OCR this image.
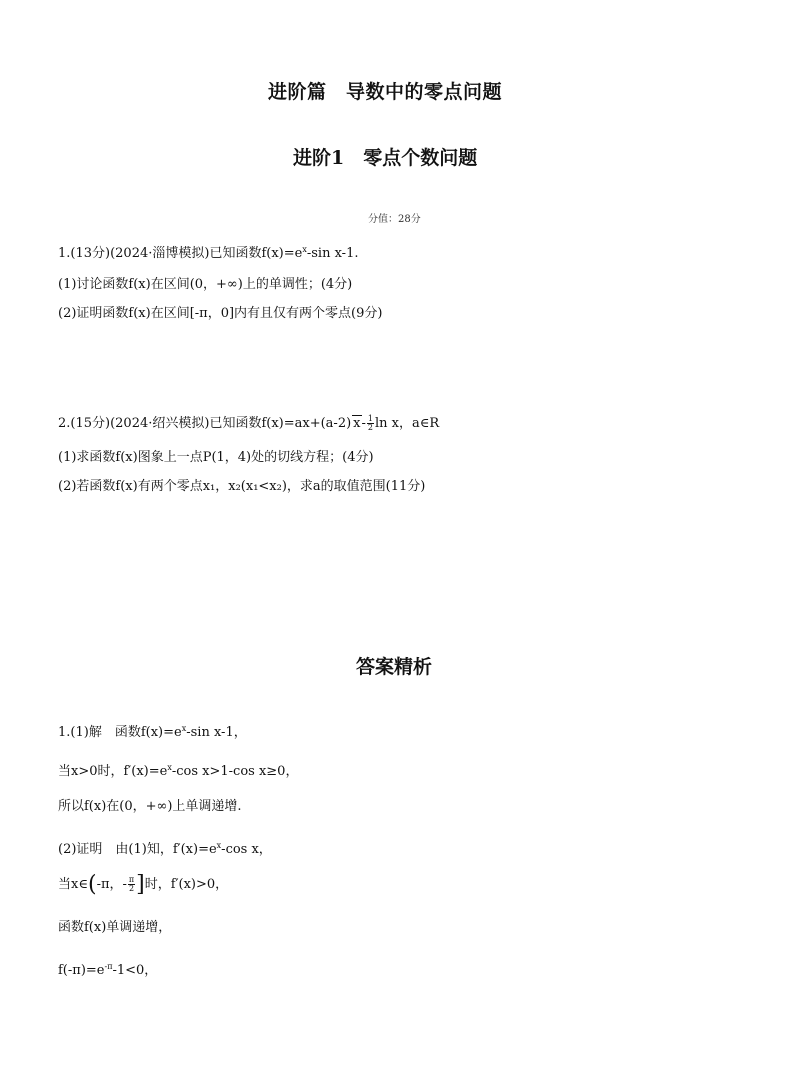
进阶篇　导数中的零点问题
进阶1　零点个数问题
分值：28分
1.(13分)(2024·淄博模拟)已知函数$f(x)=e^x-\sin$ x-1.
(1)讨论函数f(x)在区间(0，+∞)上的单调性；(4分)
(2)证明函数f(x)在区间[-π，0]内有且仅有两个零点(9分)
2.(15分)(2024·绍兴模拟)已知函数f(x)=ax+(a-2) $x- \frac{1}{2}$ ln x，a∈R
(1)求函数f(x)图象上一点P(1，4)处的切线方程；(4分)
(2)若函数f(x)有两个零点x₁，x₂(x₁<x₂)，求a的取值范围(11分)
答案精析
1.(1)解　函数$f(x)=e^x-\sin$ x-1，
当x>0时，$f'(x)=e^x-\cos$ x>1-cos x≥0，
所以f(x)在(0，+∞)上单调递增.
(2)证明　由(1)知，$f'(x)=e^x-\cos$ x，
当x∈(-π，- $\frac{\pi}{2}$ ]时，f′(x)>0，
函数f(x)单调递增，
$f(-\pi)=e^{-\pi}-1<0$，
